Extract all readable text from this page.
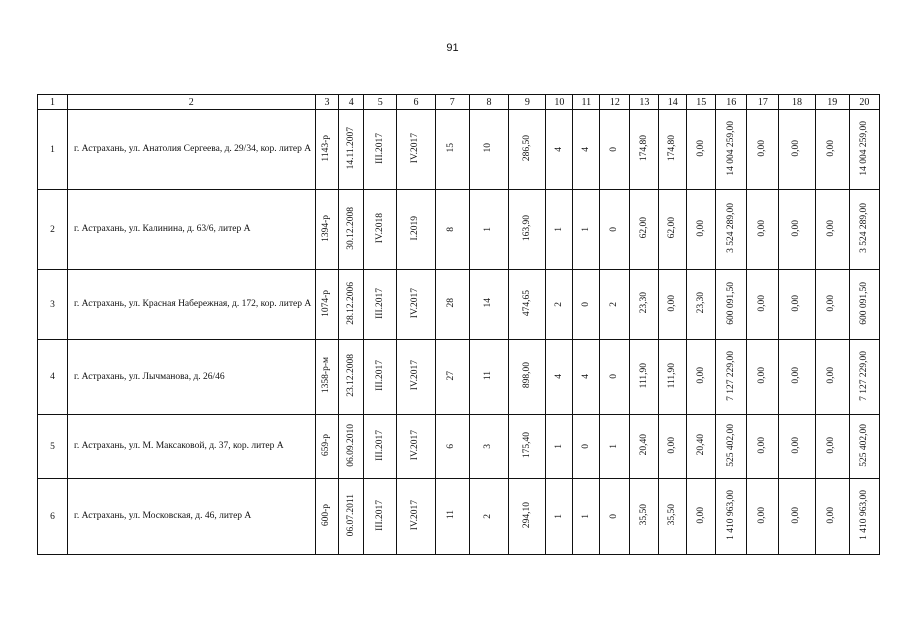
91
1	2	3	4	5	6	7	8	9	10	11	12	13	14	15	16	17	18	19	20
1	г. Астрахань, ул. Анатолия Сергеева, д. 29/34, кор. литер А	1143-р	14.11.2007	III.2017	IV.2017	15	10	286,50	4	4	0	174,80	174,80	0,00	14 004 259,00	0,00	0,00	0,00	14 004 259,00
2	г. Астрахань, ул. Калинина, д. 63/6, литер А	1394-р	30.12.2008	IV.2018	I.2019	8	1	163,90	1	1	0	62,00	62,00	0,00	3 524 289,00	0,00	0,00	0,00	3 524 289,00
3	г. Астрахань, ул. Красная Набережная, д. 172, кор. литер А	1074-р	28.12.2006	III.2017	IV.2017	28	14	474,65	2	0	2	23,30	0,00	23,30	600 091,50	0,00	0,00	0,00	600 091,50
4	г. Астрахань, ул. Лычманова, д. 26/46	1358-р-м	23.12.2008	III.2017	IV.2017	27	11	898,00	4	4	0	111,90	111,90	0,00	7 127 229,00	0,00	0,00	0,00	7 127 229,00
5	г. Астрахань, ул. М. Максаковой, д. 37, кор. литер А	659-р	06.09.2010	III.2017	IV.2017	6	3	175,40	1	0	1	20,40	0,00	20,40	525 402,00	0,00	0,00	0,00	525 402,00
6	г. Астрахань, ул. Московская, д. 46, литер А	600-р	06.07.2011	III.2017	IV.2017	11	2	294,10	1	1	0	35,50	35,50	0,00	1 410 963,00	0,00	0,00	0,00	1 410 963,00
